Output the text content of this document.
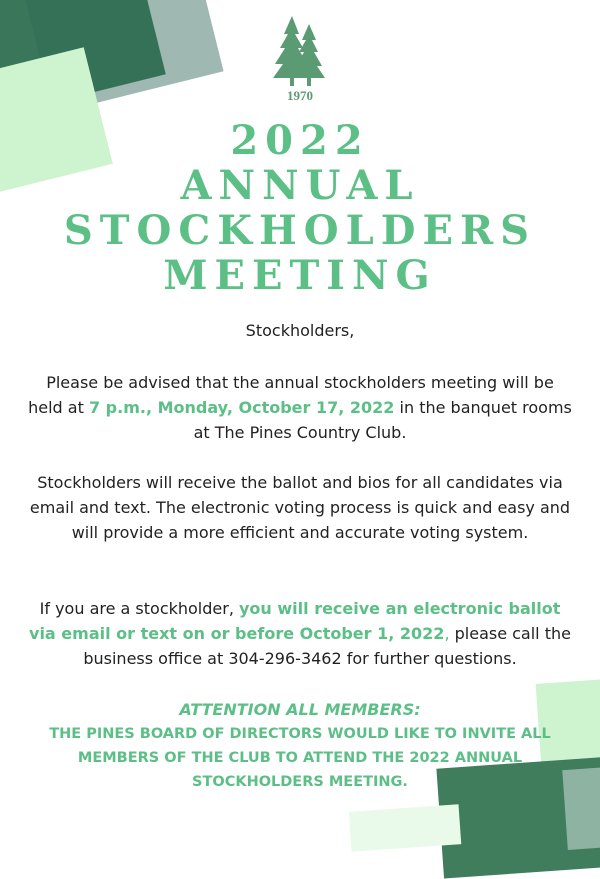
1970
2022
ANNUAL
STOCKHOLDERS
MEETING

Stockholders,

Please be advised that the annual stockholders meeting will be held at 7 p.m., Monday, October 17, 2022 in the banquet rooms at The Pines Country Club.

Stockholders will receive the ballot and bios for all candidates via email and text. The electronic voting process is quick and easy and will provide a more efficient and accurate voting system.

If you are a stockholder, you will receive an electronic ballot via email or text on or before October 1, 2022, please call the business office at 304-296-3462 for further questions.

ATTENTION ALL MEMBERS:
THE PINES BOARD OF DIRECTORS WOULD LIKE TO INVITE ALL MEMBERS OF THE CLUB TO ATTEND THE 2022 ANNUAL STOCKHOLDERS MEETING.
